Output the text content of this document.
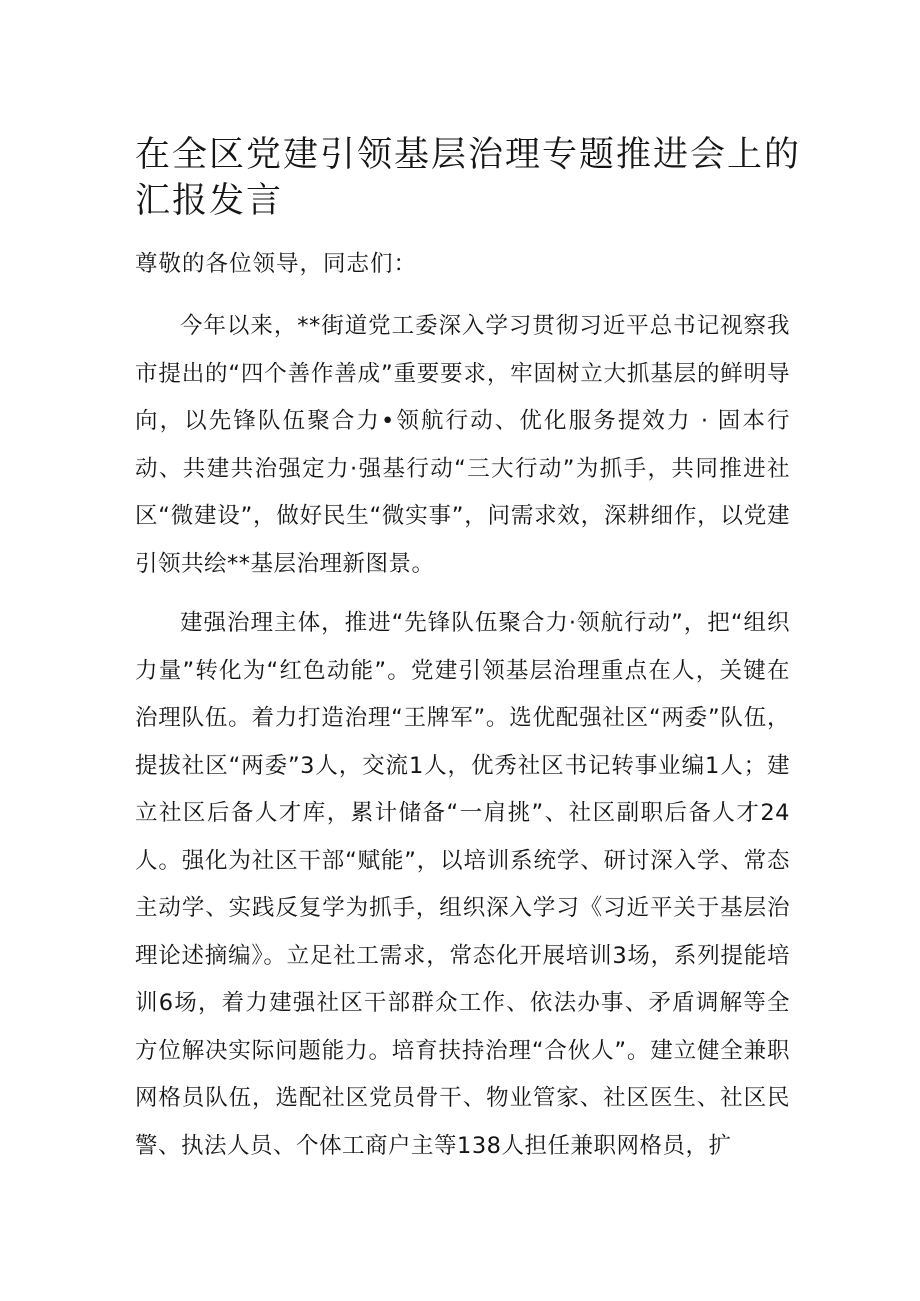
在全区党建引领基层治理专题推进会上的汇报发言

尊敬的各位领导，同志们：

今年以来，**街道党工委深入学习贯彻习近平总书记视察我市提出的“四个善作善成”重要要求，牢固树立大抓基层的鲜明导向，以先锋队伍聚合力•领航行动、优化服务提效力 · 固本行动、共建共治强定力·强基行动“三大行动”为抓手，共同推进社区“微建设”，做好民生“微实事”，问需求效，深耕细作，以党建引领共绘**基层治理新图景。

建强治理主体，推进“先锋队伍聚合力·领航行动”，把“组织力量”转化为“红色动能”。党建引领基层治理重点在人，关键在治理队伍。着力打造治理“王牌军”。选优配强社区“两委”队伍，提拔社区“两委”3人，交流1人，优秀社区书记转事业编1人；建立社区后备人才库，累计储备“一肩挑”、社区副职后备人才24人。强化为社区干部“赋能”，以培训系统学、研讨深入学、常态主动学、实践反复学为抓手，组织深入学习《习近平关于基层治理论述摘编》。立足社工需求，常态化开展培训3场，系列提能培训6场，着力建强社区干部群众工作、依法办事、矛盾调解等全方位解决实际问题能力。培育扶持治理“合伙人”。建立健全兼职网格员队伍，选配社区党员骨干、物业管家、社区医生、社区民警、执法人员、个体工商户主等138人担任兼职网格员，扩
